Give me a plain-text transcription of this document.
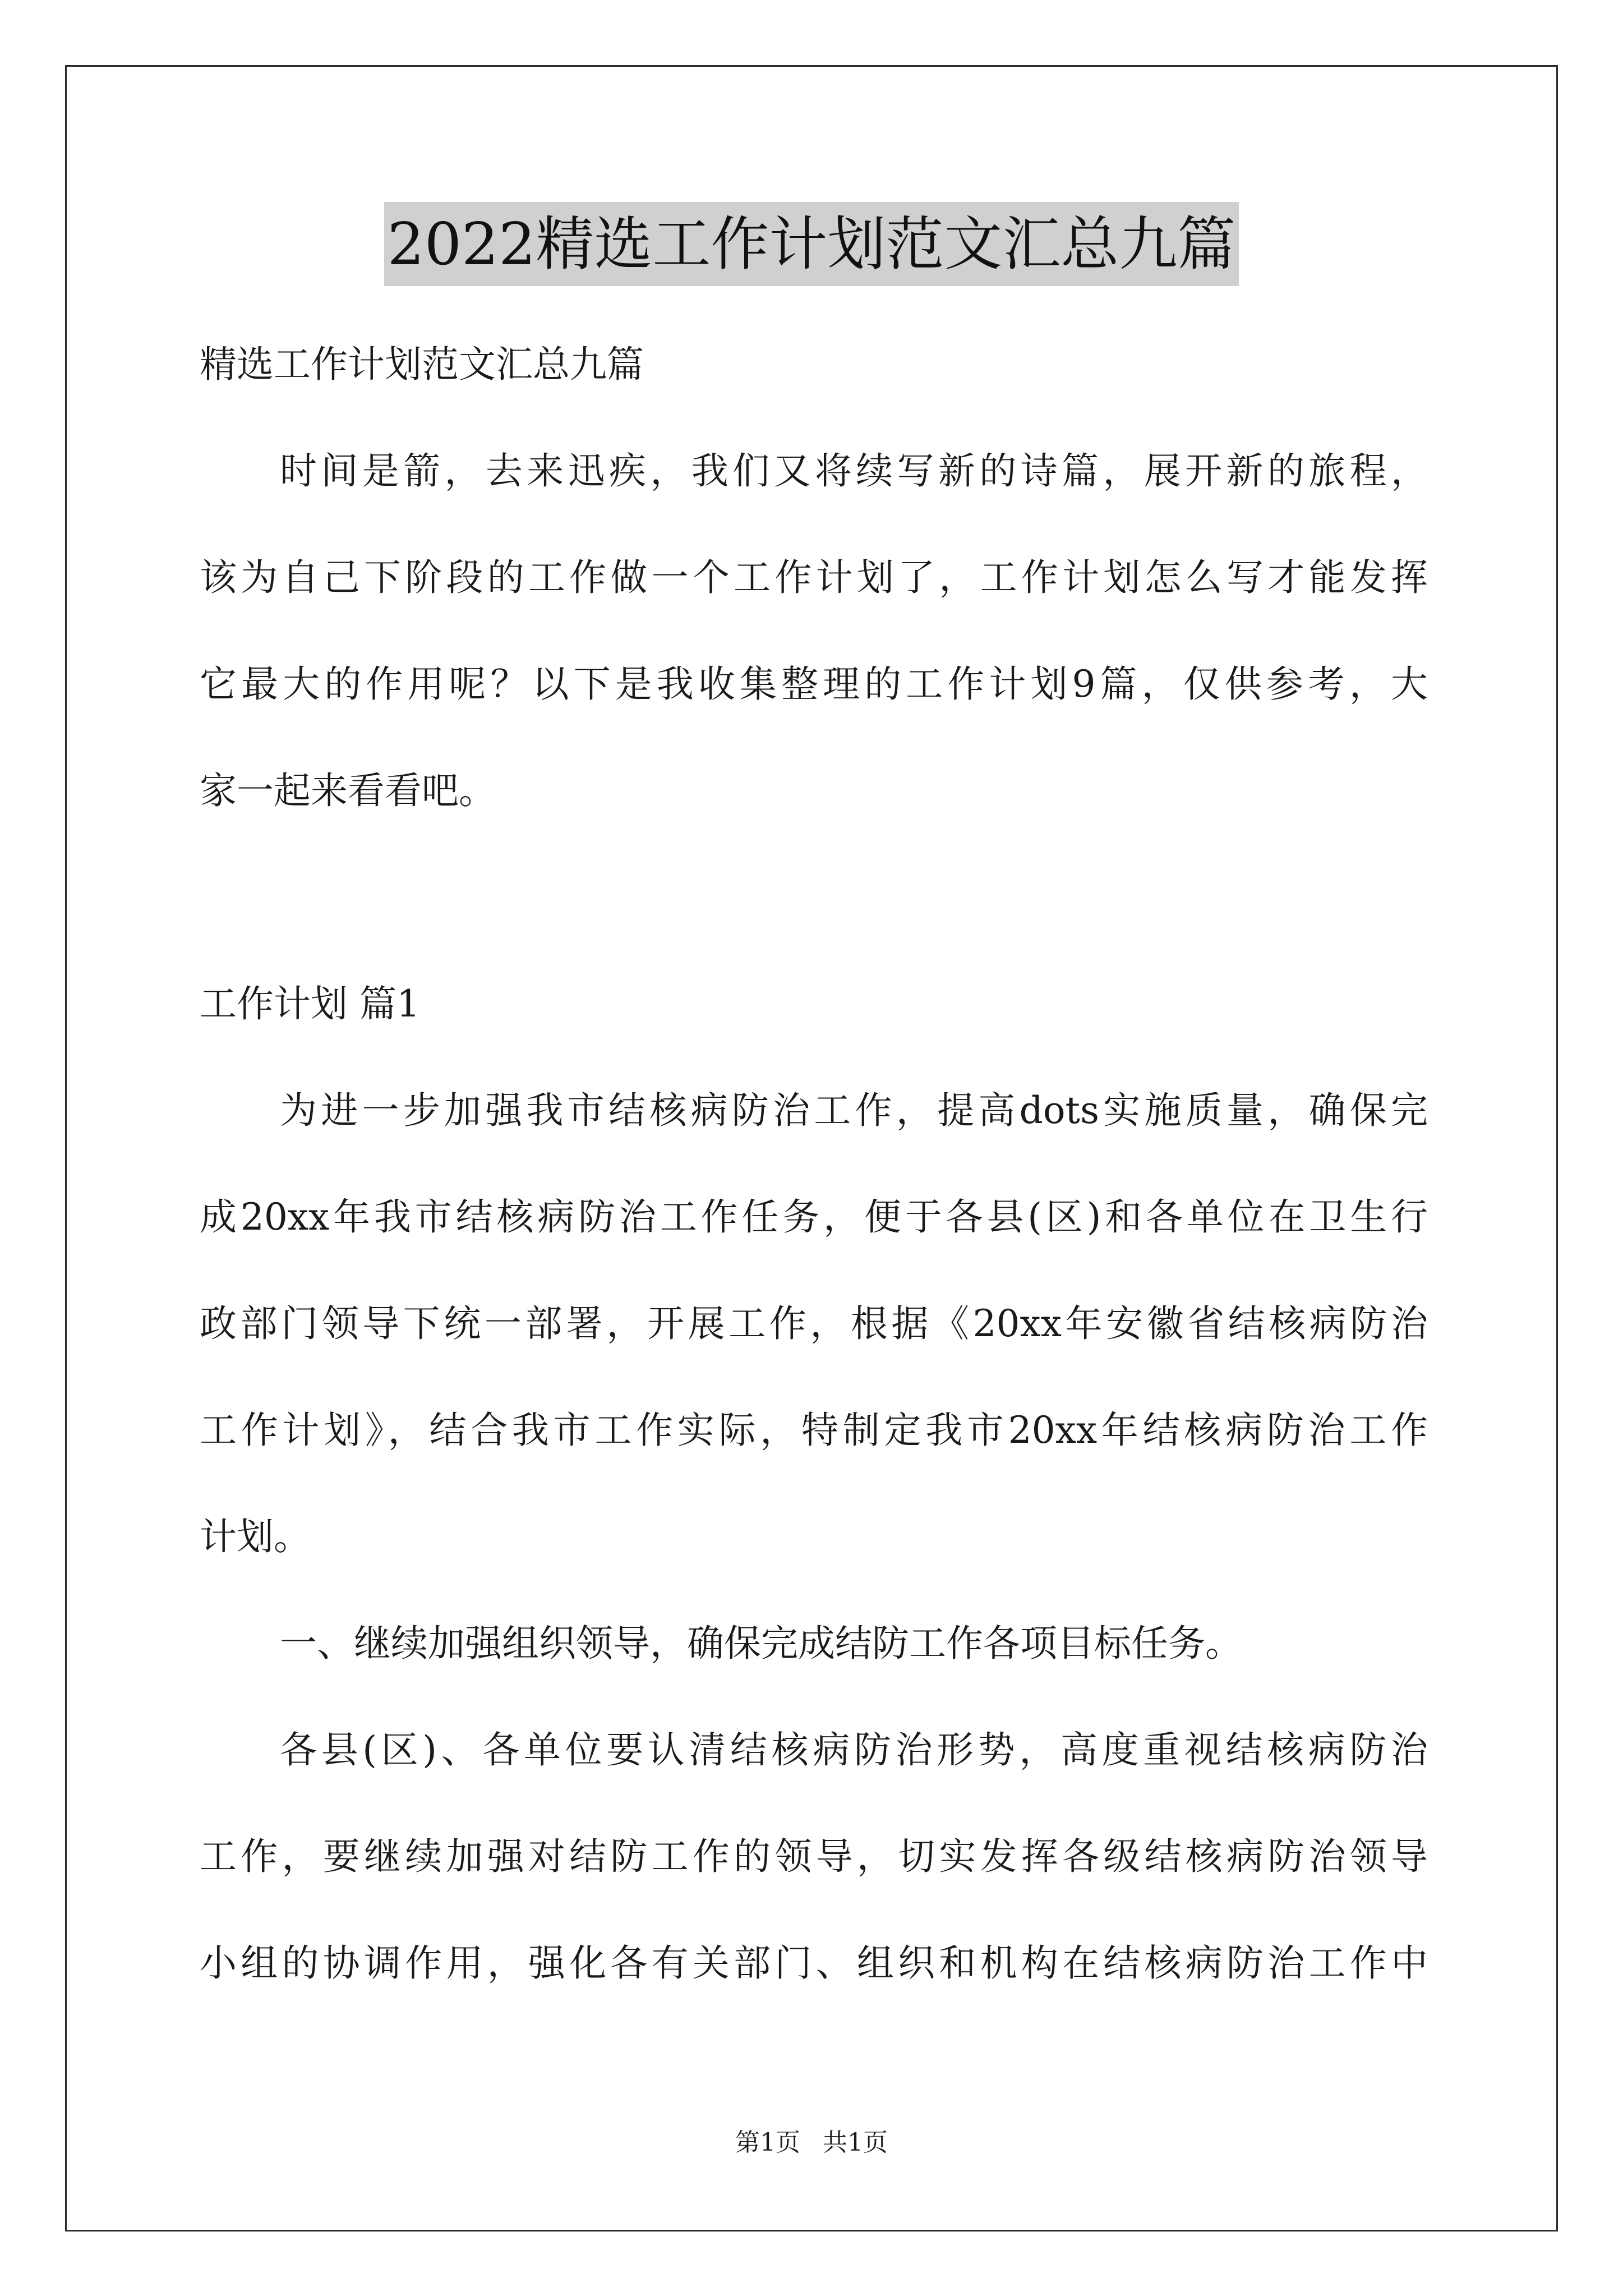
2022精选工作计划范文汇总九篇
精选工作计划范文汇总九篇
时间是箭，去来迅疾，我们又将续写新的诗篇，展开新的旅程，
该为自己下阶段的工作做一个工作计划了，工作计划怎么写才能发挥
它最大的作用呢？以下是我收集整理的工作计划9篇，仅供参考，大
家一起来看看吧。
工作计划 篇1
为进一步加强我市结核病防治工作，提高dots实施质量，确保完
成20xx年我市结核病防治工作任务，便于各县(区)和各单位在卫生行
政部门领导下统一部署，开展工作，根据《20xx年安徽省结核病防治
工作计划》，结合我市工作实际，特制定我市20xx年结核病防治工作
计划。
一、继续加强组织领导，确保完成结防工作各项目标任务。
各县(区)、各单位要认清结核病防治形势，高度重视结核病防治
工作，要继续加强对结防工作的领导，切实发挥各级结核病防治领导
小组的协调作用，强化各有关部门、组织和机构在结核病防治工作中
第1页 共1页
